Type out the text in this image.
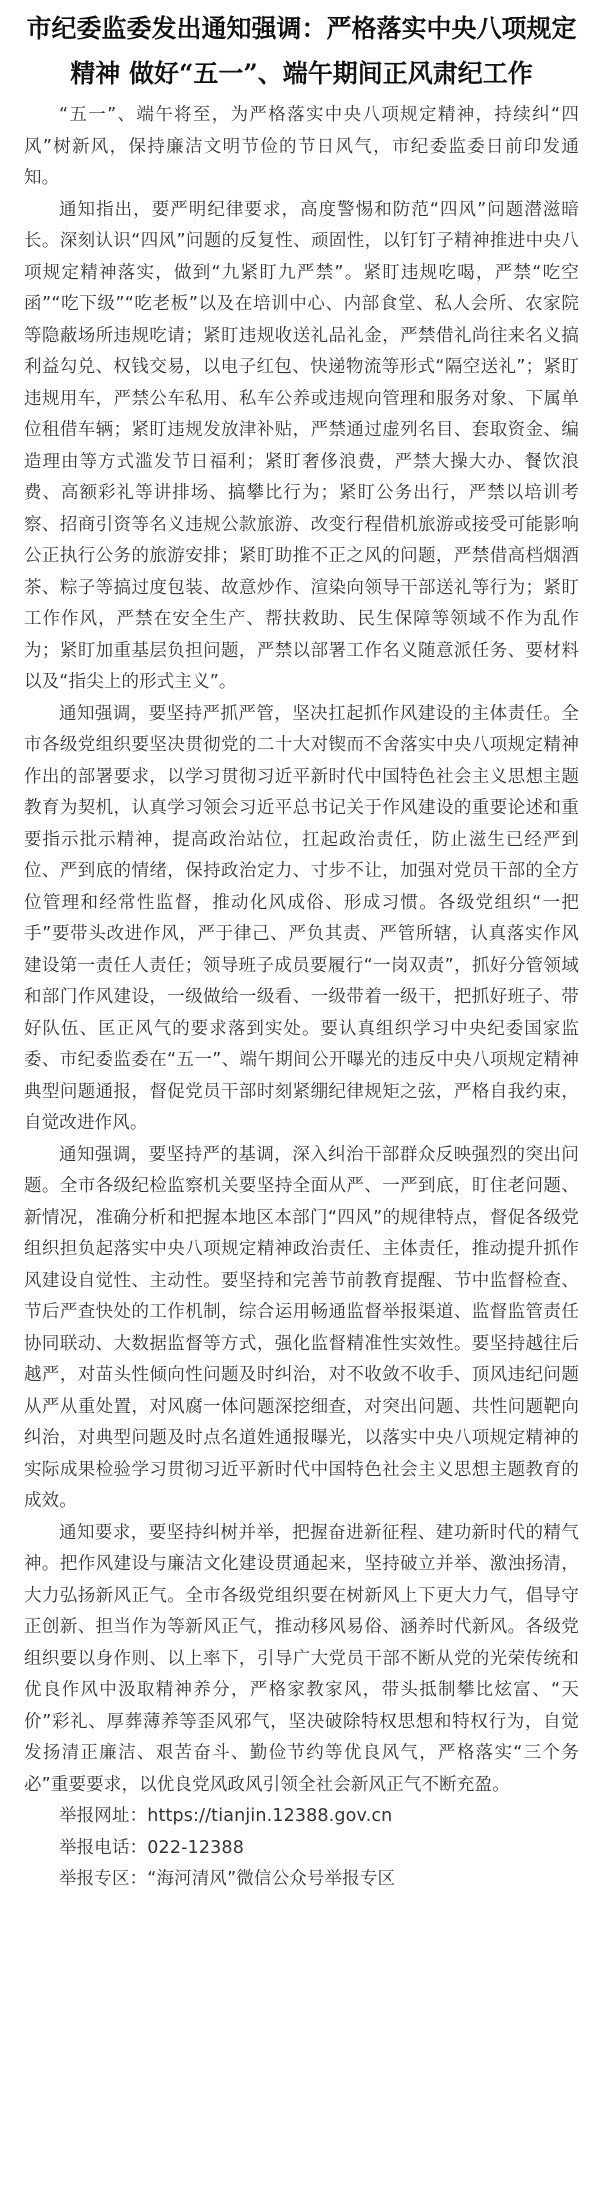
市纪委监委发出通知强调：严格落实中央八项规定
精神 做好“五一”、端午期间正风肃纪工作

“五一”、端午将至，为严格落实中央八项规定精神，持续纠“四风”树新风，保持廉洁文明节俭的节日风气，市纪委监委日前印发通知。

通知指出，要严明纪律要求，高度警惕和防范“四风”问题潜滋暗长。深刻认识“四风”问题的反复性、顽固性，以钉钉子精神推进中央八项规定精神落实，做到“九紧盯九严禁”。紧盯违规吃喝，严禁“吃空函”“吃下级”“吃老板”以及在培训中心、内部食堂、私人会所、农家院等隐蔽场所违规吃请；紧盯违规收送礼品礼金，严禁借礼尚往来名义搞利益勾兑、权钱交易，以电子红包、快递物流等形式“隔空送礼”；紧盯违规用车，严禁公车私用、私车公养或违规向管理和服务对象、下属单位租借车辆；紧盯违规发放津补贴，严禁通过虚列名目、套取资金、编造理由等方式滥发节日福利；紧盯奢侈浪费，严禁大操大办、餐饮浪费、高额彩礼等讲排场、搞攀比行为；紧盯公务出行，严禁以培训考察、招商引资等名义违规公款旅游、改变行程借机旅游或接受可能影响公正执行公务的旅游安排；紧盯助推不正之风的问题，严禁借高档烟酒茶、粽子等搞过度包装、故意炒作、渲染向领导干部送礼等行为；紧盯工作作风，严禁在安全生产、帮扶救助、民生保障等领域不作为乱作为；紧盯加重基层负担问题，严禁以部署工作名义随意派任务、要材料以及“指尖上的形式主义”。

通知强调，要坚持严抓严管，坚决扛起抓作风建设的主体责任。全市各级党组织要坚决贯彻党的二十大对锲而不舍落实中央八项规定精神作出的部署要求，以学习贯彻习近平新时代中国特色社会主义思想主题教育为契机，认真学习领会习近平总书记关于作风建设的重要论述和重要指示批示精神，提高政治站位，扛起政治责任，防止滋生已经严到位、严到底的情绪，保持政治定力、寸步不让，加强对党员干部的全方位管理和经常性监督，推动化风成俗、形成习惯。各级党组织“一把手”要带头改进作风，严于律己、严负其责、严管所辖，认真落实作风建设第一责任人责任；领导班子成员要履行“一岗双责”，抓好分管领域和部门作风建设，一级做给一级看、一级带着一级干，把抓好班子、带好队伍、匡正风气的要求落到实处。要认真组织学习中央纪委国家监委、市纪委监委在“五一”、端午期间公开曝光的违反中央八项规定精神典型问题通报，督促党员干部时刻紧绷纪律规矩之弦，严格自我约束，自觉改进作风。

通知强调，要坚持严的基调，深入纠治干部群众反映强烈的突出问题。全市各级纪检监察机关要坚持全面从严、一严到底，盯住老问题、新情况，准确分析和把握本地区本部门“四风”的规律特点，督促各级党组织担负起落实中央八项规定精神政治责任、主体责任，推动提升抓作风建设自觉性、主动性。要坚持和完善节前教育提醒、节中监督检查、节后严查快处的工作机制，综合运用畅通监督举报渠道、监督监管责任协同联动、大数据监督等方式，强化监督精准性实效性。要坚持越往后越严，对苗头性倾向性问题及时纠治，对不收敛不收手、顶风违纪问题从严从重处置，对风腐一体问题深挖细查，对突出问题、共性问题靶向纠治，对典型问题及时点名道姓通报曝光，以落实中央八项规定精神的实际成果检验学习贯彻习近平新时代中国特色社会主义思想主题教育的成效。

通知要求，要坚持纠树并举，把握奋进新征程、建功新时代的精气神。把作风建设与廉洁文化建设贯通起来，坚持破立并举、激浊扬清，大力弘扬新风正气。全市各级党组织要在树新风上下更大力气，倡导守正创新、担当作为等新风正气，推动移风易俗、涵养时代新风。各级党组织要以身作则、以上率下，引导广大党员干部不断从党的光荣传统和优良作风中汲取精神养分，严格家教家风，带头抵制攀比炫富、“天价”彩礼、厚葬薄养等歪风邪气，坚决破除特权思想和特权行为，自觉发扬清正廉洁、艰苦奋斗、勤俭节约等优良风气，严格落实“三个务必”重要要求，以优良党风政风引领全社会新风正气不断充盈。

举报网址：https://tianjin.12388.gov.cn

举报电话：022-12388

举报专区：“海河清风”微信公众号举报专区
